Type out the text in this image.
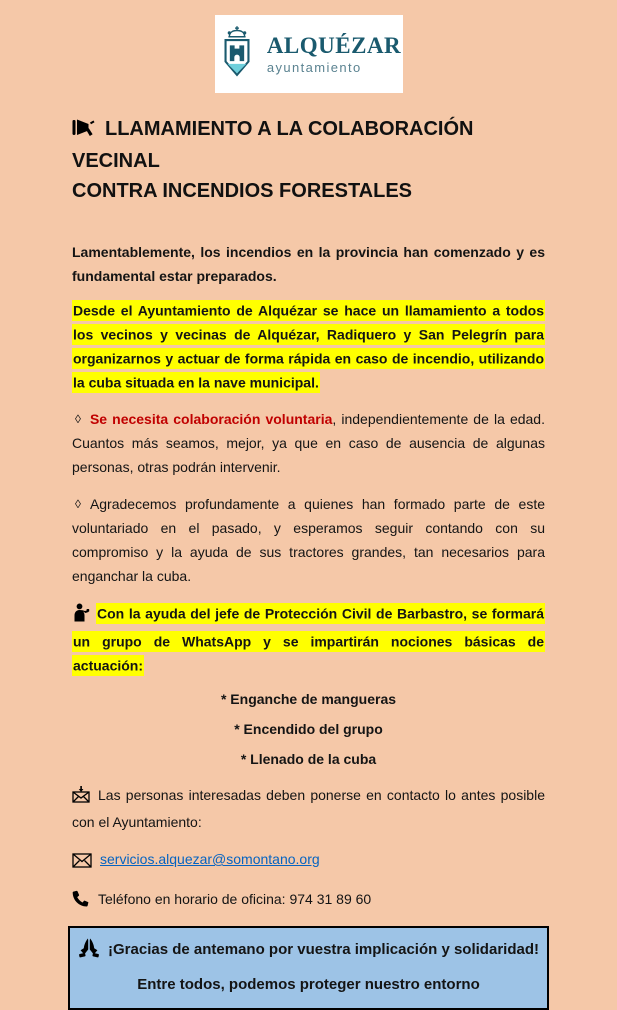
ALQUÉZAR
ayuntamiento
LLAMAMIENTO A LA COLABORACIÓN VECINAL
CONTRA INCENDIOS FORESTALES

Lamentablemente, los incendios en la provincia han comenzado y es fundamental estar preparados.

Desde el Ayuntamiento de Alquézar se hace un llamamiento a todos los vecinos y vecinas de Alquézar, Radiquero y San Pelegrín para organizarnos y actuar de forma rápida en caso de incendio, utilizando la cuba situada en la nave municipal.

◊ Se necesita colaboración voluntaria, independientemente de la edad. Cuantos más seamos, mejor, ya que en caso de ausencia de algunas personas, otras podrán intervenir.

◊ Agradecemos profundamente a quienes han formado parte de este voluntariado en el pasado, y esperamos seguir contando con su compromiso y la ayuda de sus tractores grandes, tan necesarios para enganchar la cuba.

Con la ayuda del jefe de Protección Civil de Barbastro, se formará un grupo de WhatsApp y se impartirán nociones básicas de actuación:

* Enganche de mangueras
* Encendido del grupo
* Llenado de la cuba

Las personas interesadas deben ponerse en contacto lo antes posible con el Ayuntamiento:

servicios.alquezar@somontano.org
Teléfono en horario de oficina: 974 31 89 60
¡Gracias de antemano por vuestra implicación y solidaridad!
Entre todos, podemos proteger nuestro entorno
